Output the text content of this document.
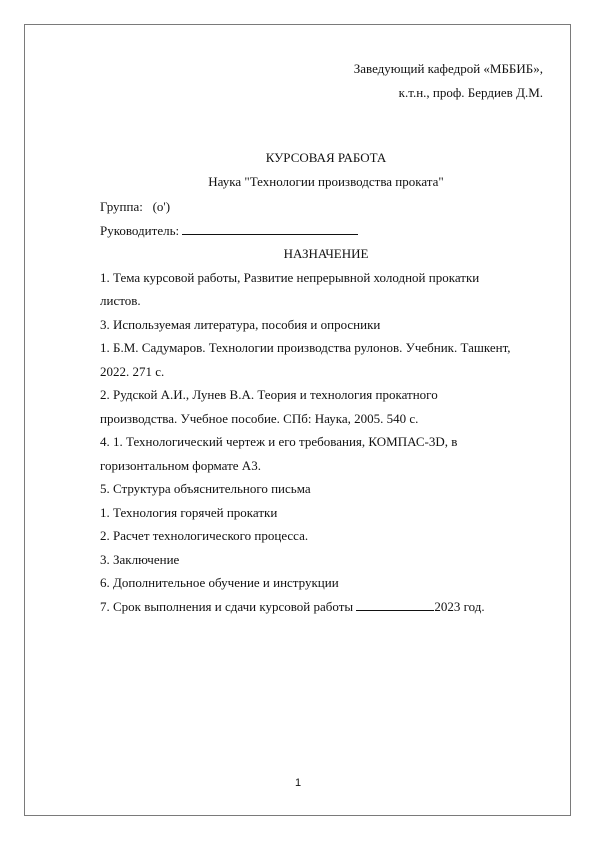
Заведующий кафедрой «МББИБ»,
к.т.н., проф. Бердиев Д.М.
КУРСОВАЯ РАБОТА
Наука "Технологии производства проката"
Группа: (o')
Руководитель:
НАЗНАЧЕНИЕ
1. Тема курсовой работы, Развитие непрерывной холодной прокатки
листов.
3. Используемая литература, пособия и опросники
1. Б.М. Садумаров. Технологии производства рулонов. Учебник. Ташкент,
2022. 271 с.
2. Рудской А.И., Лунев В.А. Теория и технология прокатного
производства. Учебное пособие. СПб: Наука, 2005. 540 с.
4. 1. Технологический чертеж и его требования, КОМПАС-3D, в
горизонтальном формате А3.
5. Структура объяснительного письма
1. Технология горячей прокатки
2. Расчет технологического процесса.
3. Заключение
6. Дополнительное обучение и инструкции
7. Срок выполнения и сдачи курсовой работы	2023 год.
1
